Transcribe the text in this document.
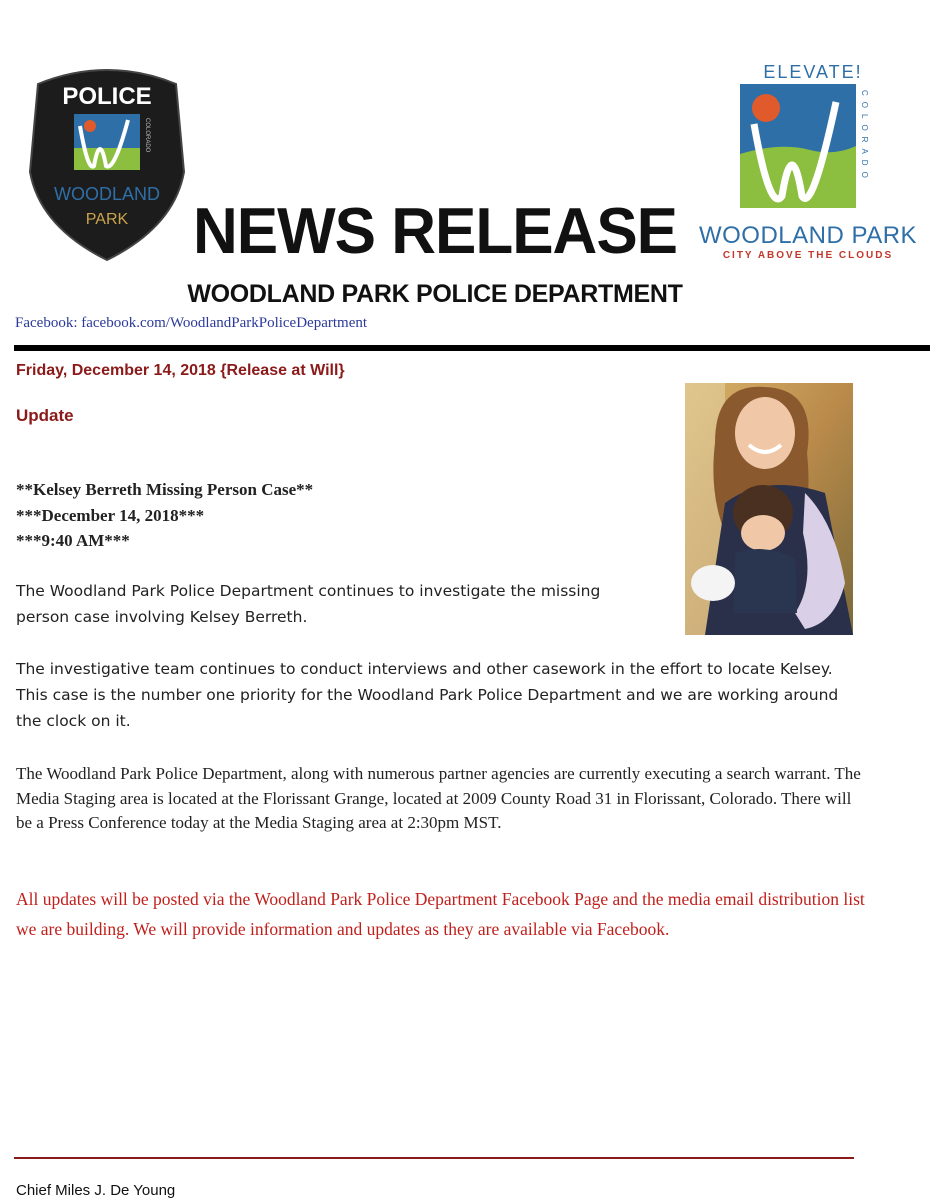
POLICE
WOODLAND
PARK
COLORADO
ELEVATE!
COLORADO
WOODLAND PARK
CITY ABOVE THE CLOUDS
NEWS RELEASE
WOODLAND PARK POLICE DEPARTMENT
Facebook: facebook.com/WoodlandParkPoliceDepartment
Friday, December 14, 2018 {Release at Will}
Update
**Kelsey Berreth Missing Person Case**
***December 14, 2018***
***9:40 AM***
The Woodland Park Police Department continues to investigate the missing person case involving Kelsey Berreth.
The investigative team continues to conduct interviews and other casework in the effort to locate Kelsey. This case is the number one priority for the Woodland Park Police Department and we are working around the clock on it.
The Woodland Park Police Department, along with numerous partner agencies are currently executing a search warrant. The Media Staging area is located at the Florissant Grange, located at 2009 County Road 31 in Florissant, Colorado. There will be a Press Conference today at the Media Staging area at 2:30pm MST.
All updates will be posted via the Woodland Park Police Department Facebook Page and the media email distribution list we are building. We will provide information and updates as they are available via Facebook.
Chief Miles J. De Young
